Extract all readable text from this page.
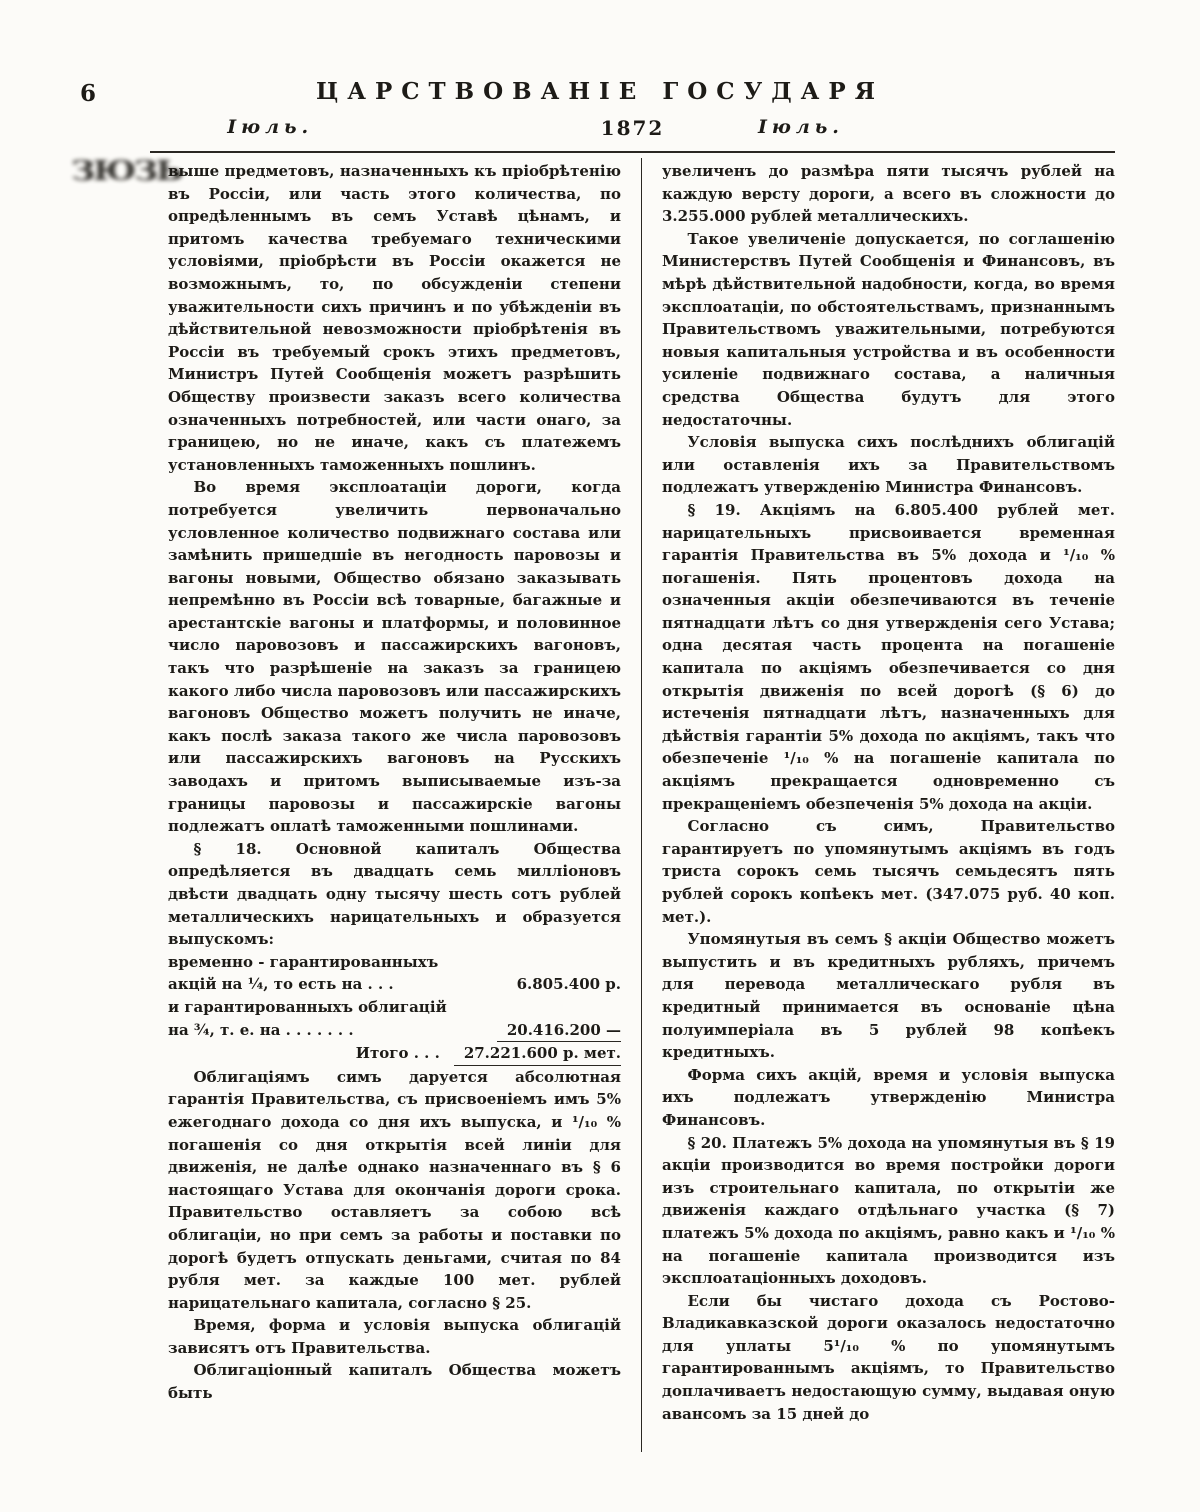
6	ЦАРСТВОВАНІЕ ГОСУДАРЯ
Іюль.	1872	Іюль.
ЗЮЗЬ

выше предметовъ, назначенныхъ къ пріобрѣтенію въ Россіи, или часть этого количества, по опредѣленнымъ въ семъ Уставѣ цѣнамъ, и притомъ качества требуемаго техническими условіями, пріобрѣсти въ Россіи окажется не возможнымъ, то, по обсужденіи степени уважительности сихъ причинъ и по убѣжденіи въ дѣйствительной невозможности пріобрѣтенія въ Россіи въ требуемый срокъ этихъ предметовъ, Министръ Путей Сообщенія можетъ разрѣшить Обществу произвести заказъ всего количества означенныхъ потребностей, или части онаго, за границею, но не иначе, какъ съ платежемъ установленныхъ таможенныхъ пошлинъ.

Во время эксплоатаціи дороги, когда потребуется увеличить первоначально условленное количество подвижнаго состава или замѣнить пришедшіе въ негодность паровозы и вагоны новыми, Общество обязано заказывать непремѣнно въ Россіи всѣ товарные, багажные и арестантскіе вагоны и платформы, и половинное число паровозовъ и пассажирскихъ вагоновъ, такъ что разрѣшеніе на заказъ за границею какого либо числа паровозовъ или пассажирскихъ вагоновъ Общество можетъ получить не иначе, какъ послѣ заказа такого же числа паровозовъ или пассажирскихъ вагоновъ на Русскихъ заводахъ и притомъ выписываемые изъ-за границы паровозы и пассажирскіе вагоны подлежатъ оплатѣ таможенными пошлинами.

§ 18. Основной капиталъ Общества опредѣляется въ двадцать семь милліоновъ двѣсти двадцать одну тысячу шесть сотъ рублей металлическихъ нарицательныхъ и образуется выпускомъ:

временно - гарантированныхъ

акцій на ¼, то есть на . . .	6.805.400 р.

и гарантированныхъ облигацій

на ¾, т. е. на . . . . . . .	20.416.200 —
Итого . . .	27.221.600 р. мет.

Облигаціямъ симъ даруется абсолютная гарантія Правительства, съ присвоеніемъ имъ 5% ежегоднаго дохода со дня ихъ выпуска, и ¹/₁₀ % погашенія со дня открытія всей линіи для движенія, не далѣе однако назначеннаго въ § 6 настоящаго Устава для окончанія дороги срока. Правительство оставляетъ за собою всѣ облигаціи, но при семъ за работы и поставки по дорогѣ будетъ отпускать деньгами, считая по 84 рубля мет. за каждые 100 мет. рублей нарицательнаго капитала, согласно § 25.

Время, форма и условія выпуска облигацій зависятъ отъ Правительства.

Облигаціонный капиталъ Общества можетъ быть

увеличенъ до размѣра пяти тысячъ рублей на каждую версту дороги, а всего въ сложности до 3.255.000 рублей металлическихъ.

Такое увеличеніе допускается, по соглашенію Министерствъ Путей Сообщенія и Финансовъ, въ мѣрѣ дѣйствительной надобности, когда, во время эксплоатаціи, по обстоятельствамъ, признаннымъ Правительствомъ уважительными, потребуются новыя капитальныя устройства и въ особенности усиленіе подвижнаго состава, а наличныя средства Общества будутъ для этого недостаточны.

Условія выпуска сихъ послѣднихъ облигацій или оставленія ихъ за Правительствомъ подлежатъ утвержденію Министра Финансовъ.

§ 19. Акціямъ на 6.805.400 рублей мет. нарицательныхъ присвоивается временная гарантія Правительства въ 5% дохода и ¹/₁₀ % погашенія. Пять процентовъ дохода на означенныя акціи обезпечиваются въ теченіе пятнадцати лѣтъ со дня утвержденія сего Устава; одна десятая часть процента на погашеніе капитала по акціямъ обезпечивается со дня открытія движенія по всей дорогѣ (§ 6) до истеченія пятнадцати лѣтъ, назначенныхъ для дѣйствія гарантіи 5% дохода по акціямъ, такъ что обезпеченіе ¹/₁₀ % на погашеніе капитала по акціямъ прекращается одновременно съ прекращеніемъ обезпеченія 5% дохода на акціи.

Согласно съ симъ, Правительство гарантируетъ по упомянутымъ акціямъ въ годъ триста сорокъ семь тысячъ семьдесятъ пять рублей сорокъ копѣекъ мет. (347.075 руб. 40 коп. мет.).

Упомянутыя въ семъ § акціи Общество можетъ выпустить и въ кредитныхъ рубляхъ, причемъ для перевода металлическаго рубля въ кредитный принимается въ основаніе цѣна полуимперіала въ 5 рублей 98 копѣекъ кредитныхъ.

Форма сихъ акцій, время и условія выпуска ихъ подлежатъ утвержденію Министра Финансовъ.

§ 20. Платежъ 5% дохода на упомянутыя въ § 19 акціи производится во время постройки дороги изъ строительнаго капитала, по открытіи же движенія каждаго отдѣльнаго участка (§ 7) платежъ 5% дохода по акціямъ, равно какъ и ¹/₁₀ % на погашеніе капитала производится изъ эксплоатаціонныхъ доходовъ.

Если бы чистаго дохода съ Ростово-Владикавказской дороги оказалось недостаточно для уплаты 5¹/₁₀ % по упомянутымъ гарантированнымъ акціямъ, то Правительство доплачиваетъ недостающую сумму, выдавая оную авансомъ за 15 дней до
